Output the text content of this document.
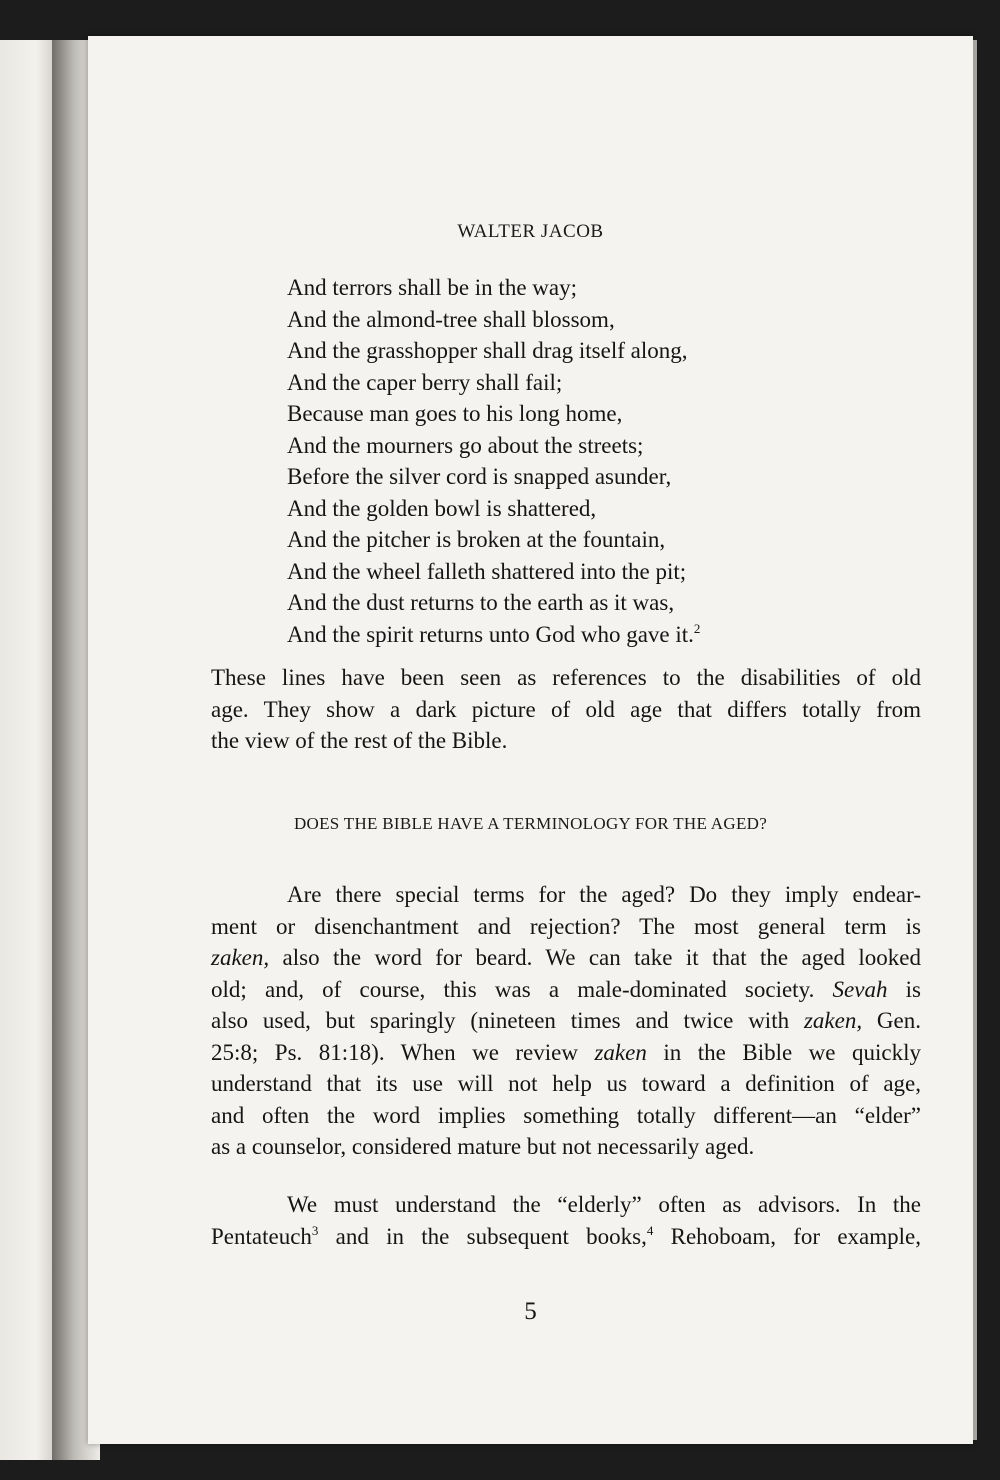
WALTER JACOB
And terrors shall be in the way;
And the almond-tree shall blossom,
And the grasshopper shall drag itself along,
And the caper berry shall fail;
Because man goes to his long home,
And the mourners go about the streets;
Before the silver cord is snapped asunder,
And the golden bowl is shattered,
And the pitcher is broken at the fountain,
And the wheel falleth shattered into the pit;
And the dust returns to the earth as it was,
And the spirit returns unto God who gave it.$^2$
These lines have been seen as references to the disabilities of old
age. They show a dark picture of old age that differs totally from
the view of the rest of the Bible.
DOES THE BIBLE HAVE A TERMINOLOGY FOR THE AGED?
Are there special terms for the aged? Do they imply endear-
ment or disenchantment and rejection? The most general term is
zaken, also the word for beard. We can take it that the aged looked
old; and, of course, this was a male-dominated society. Sevah is
also used, but sparingly (nineteen times and twice with zaken, Gen.
25:8; Ps. 81:18). When we review zaken in the Bible we quickly
understand that its use will not help us toward a definition of age,
and often the word implies something totally different—an “elder”
as a counselor, considered mature but not necessarily aged.
We must understand the “elderly” often as advisors. In the
Pentateuch$^3$ and in the subsequent books,$^4$ Rehoboam, for example,
5
